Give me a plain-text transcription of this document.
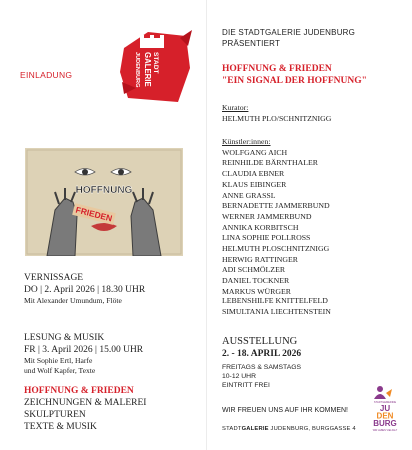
EINLADUNG
STADT
GALERIE
JUDENBURG
HOFFNUNG
FRIEDEN
VERNISSAGE
DO | 2. April 2026 | 18.30 UHR
Mit Alexander Umundum, Flöte
LESUNG & MUSIK
FR | 3. April 2026 | 15.00 UHR
Mit Sophie Ertl, Harfe
und Wolf Kapfer, Texte
HOFFNUNG & FRIEDEN
ZEICHNUNGEN & MALEREI
SKULPTUREN
TEXTE & MUSIK
DIE STADTGALERIE JUDENBURG
PRÄSENTIERT
HOFFNUNG & FRIEDEN
"EIN SIGNAL DER HOFFNUNG"
Kurator:
HELMUTH PLO/SCHNITZNIGG
Künstler:innen:
WOLFGANG AICH
REINHILDE BÄRNTHALER
CLAUDIA EBNER
KLAUS EIBINGER
ANNE GRASSL
BERNADETTE JAMMERBUND
WERNER JAMMERBUND
ANNIKA KORBITSCH
LINA SOPHIE POLLROSS
HELMUTH PLOSCHNITZNIGG
HERWIG RATTINGER
ADI SCHMÖLZER
DANIEL TOCKNER
MARKUS WÜRGER
LEBENSHILFE KNITTELFELD
SIMULTANIA LIECHTENSTEIN
AUSSTELLUNG
2. - 18. APRIL 2026
FREITAGS & SAMSTAGS
10-12 UHR
EINTRITT FREI
WIR FREUEN UNS AUF IHR KOMMEN!
STADTGALERIE JUDENBURG, BURGGASSE 4
STADTGEMEINDE
JU
DEN
BURG
WIR LEBEN VIELFALT
